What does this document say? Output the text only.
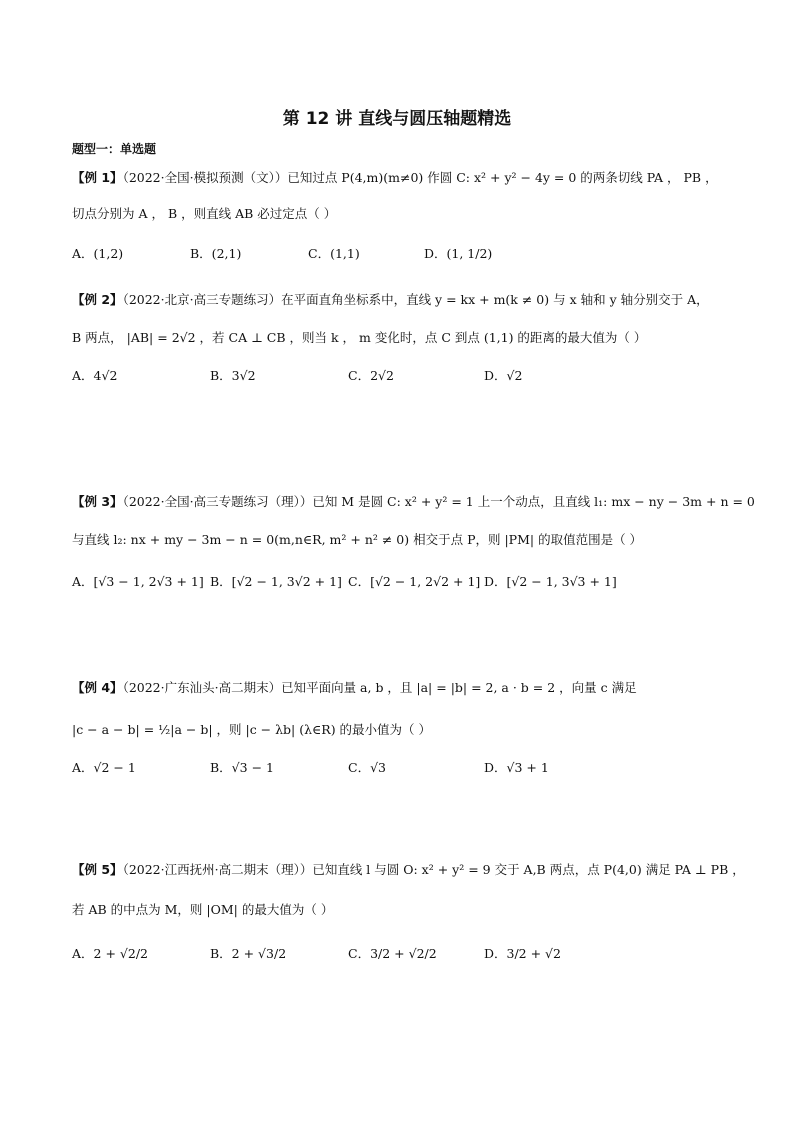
第 12 讲 直线与圆压轴题精选
题型一：单选题
【例 1】（2022·全国·模拟预测（文））已知过点 P(4,m)(m≠0) 作圆 C: x² + y² − 4y = 0 的两条切线 PA ， PB ，
切点分别为 A ， B ，则直线 AB 必过定点（ ）
A．(1,2)	B．(2,1)	C．(1,1)	D．(1, 1/2)
【例 2】（2022·北京·高三专题练习）在平面直角坐标系中，直线 y = kx + m(k ≠ 0) 与 x 轴和 y 轴分别交于 A，
B 两点， |AB| = 2√2 ，若 CA ⊥ CB ，则当 k ， m 变化时，点 C 到点 (1,1) 的距离的最大值为（ ）
A．4√2	B．3√2	C．2√2	D．√2
【例 3】（2022·全国·高三专题练习（理））已知 M 是圆 C: x² + y² = 1 上一个动点，且直线 l₁: mx − ny − 3m + n = 0
与直线 l₂: nx + my − 3m − n = 0(m,n∈R, m² + n² ≠ 0) 相交于点 P，则 |PM| 的取值范围是（ ）
A．[√3 − 1, 2√3 + 1] B．[√2 − 1, 3√2 + 1] C．[√2 − 1, 2√2 + 1] D．[√2 − 1, 3√3 + 1]
【例 4】（2022·广东汕头·高二期末）已知平面向量 a, b ，且 |a| = |b| = 2, a · b = 2 ，向量 c 满足
|c − a − b| = ½|a − b| ，则 |c − λb| (λ∈R) 的最小值为（ ）
A．√2 − 1	B．√3 − 1	C．√3	D．√3 + 1
【例 5】（2022·江西抚州·高二期末（理））已知直线 l 与圆 O: x² + y² = 9 交于 A,B 两点，点 P(4,0) 满足 PA ⊥ PB ，
若 AB 的中点为 M，则 |OM| 的最大值为（ ）
A．2 + √2/2	B．2 + √3/2	C．3/2 + √2/2	D．3/2 + √2
